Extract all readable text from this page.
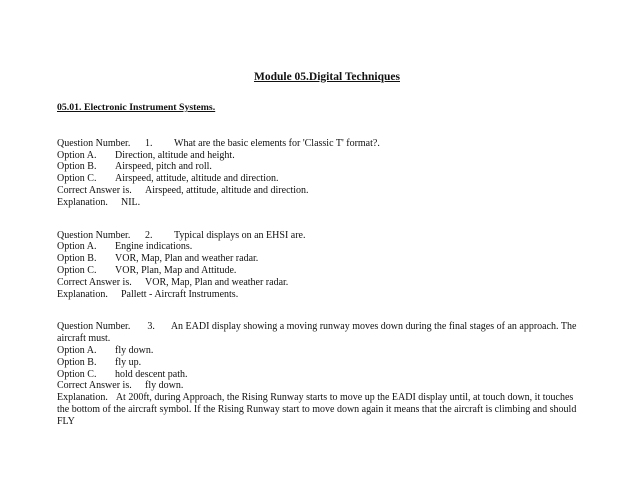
Module 05.Digital Techniques
05.01. Electronic Instrument Systems.
Question Number. 1. What are the basic elements for 'Classic T' format?.
Option A. Direction, altitude and height.
Option B. Airspeed, pitch and roll.
Option C. Airspeed, attitude, altitude and direction.
Correct Answer is. Airspeed, attitude, altitude and direction.
Explanation. NIL.
Question Number. 2. Typical displays on an EHSI are.
Option A. Engine indications.
Option B. VOR, Map, Plan and weather radar.
Option C. VOR, Plan, Map and Attitude.
Correct Answer is. VOR, Map, Plan and weather radar.
Explanation. Pallett - Aircraft Instruments.
Question Number. 3. An EADI display showing a moving runway moves down during the final stages of an approach. The aircraft must.
Option A. fly down.
Option B. fly up.
Option C. hold descent path.
Correct Answer is. fly down.
Explanation. At 200ft, during Approach, the Rising Runway starts to move up the EADI display until, at touch down, it touches the bottom of the aircraft symbol. If the Rising Runway start to move down again it means that the aircraft is climbing and should FLY
